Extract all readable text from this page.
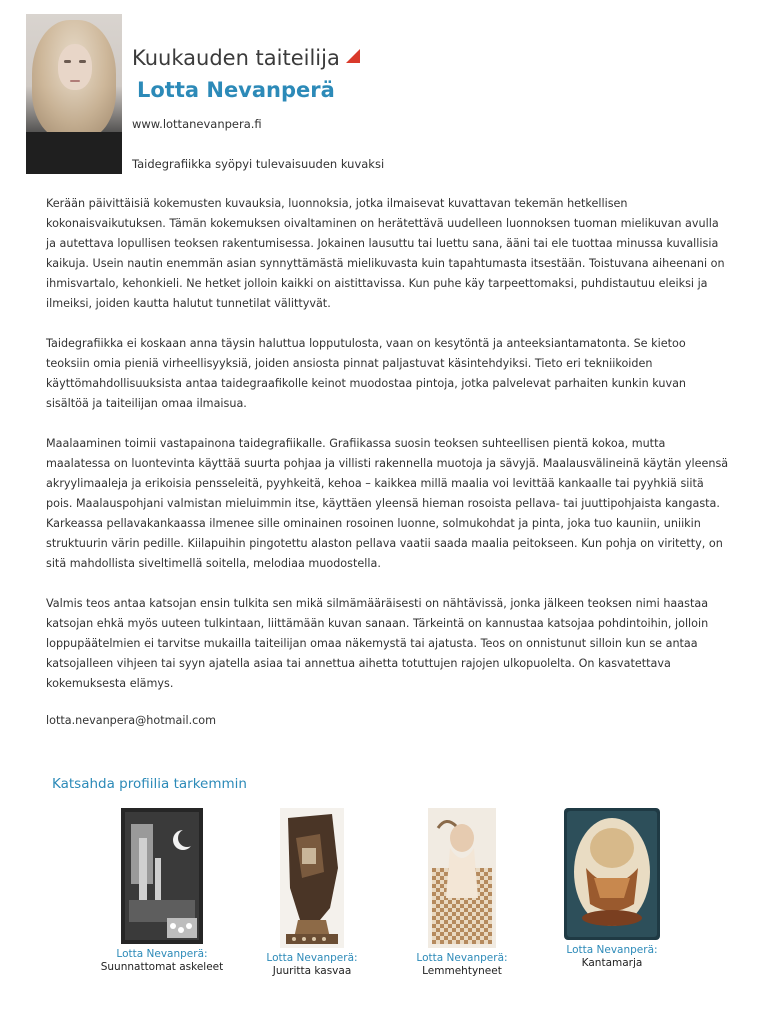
Kuukauden taiteilija
Lotta Nevanperä
www.lottanevanpera.fi
Taidegrafiikka syöpyi tulevaisuuden kuvaksi

Kerään päivittäisiä kokemusten kuvauksia, luonnoksia, jotka ilmaisevat kuvattavan tekemän hetkellisen kokonaisvaikutuksen. Tämän kokemuksen oivaltaminen on herätettävä uudelleen luonnoksen tuoman mielikuvan avulla ja autettava lopullisen teoksen rakentumisessa. Jokainen lausuttu tai luettu sana, ääni tai ele tuottaa minussa kuvallisia kaikuja. Usein nautin enemmän asian synnyttämästä mielikuvasta kuin tapahtumasta itsestään. Toistuvana aiheenani on ihmisvartalo, kehonkieli. Ne hetket jolloin kaikki on aistittavissa. Kun puhe käy tarpeettomaksi, puhdistautuu eleiksi ja ilmeiksi, joiden kautta halutut tunnetilat välittyvät.

Taidegrafiikka ei koskaan anna täysin haluttua lopputulosta, vaan on kesytöntä ja anteeksiantamatonta. Se kietoo teoksiin omia pieniä virheellisyyksiä, joiden ansiosta pinnat paljastuvat käsintehdyiksi. Tieto eri tekniikoiden käyttömahdollisuuksista antaa taidegraafikolle keinot muodostaa pintoja, jotka palvelevat parhaiten kunkin kuvan sisältöä ja taiteilijan omaa ilmaisua.

Maalaaminen toimii vastapainona taidegrafiikalle. Grafiikassa suosin teoksen suhteellisen pientä kokoa, mutta maalatessa on luontevinta käyttää suurta pohjaa ja villisti rakennella muotoja ja sävyjä. Maalausvälineinä käytän yleensä akryylimaaleja ja erikoisia pensseleitä, pyyhkeitä, kehoa – kaikkea millä maalia voi levittää kankaalle tai pyyhkiä siitä pois. Maalauspohjani valmistan mieluimmin itse, käyttäen yleensä hieman rosoista pellava- tai juuttipohjaista kangasta. Karkeassa pellavakankaassa ilmenee sille ominainen rosoinen luonne, solmukohdat ja pinta, joka tuo kauniin, uniikin struktuurin värin pedille. Kiilapuihin pingotettu alaston pellava vaatii saada maalia peitokseen. Kun pohja on viritetty, on sitä mahdollista siveltimellä soitella, melodiaa muodostella.

Valmis teos antaa katsojan ensin tulkita sen mikä silmämääräisesti on nähtävissä, jonka jälkeen teoksen nimi haastaa katsojan ehkä myös uuteen tulkintaan, liittämään kuvan sanaan. Tärkeintä on kannustaa katsojaa pohdintoihin, jolloin loppupäätelmien ei tarvitse mukailla taiteilijan omaa näkemystä tai ajatusta. Teos on onnistunut silloin kun se antaa katsojalleen vihjeen tai syyn ajatella asiaa tai annettua aihetta totuttujen rajojen ulkopuolelta. On kasvatettava kokemuksesta elämys.

lotta.nevanpera@hotmail.com
Katsahda profiilia tarkemmin
Lotta Nevanperä:
Suunnattomat askeleet
Lotta Nevanperä:
Juuritta kasvaa
Lotta Nevanperä:
Lemmehtyneet
Lotta Nevanperä:
Kantamarja
